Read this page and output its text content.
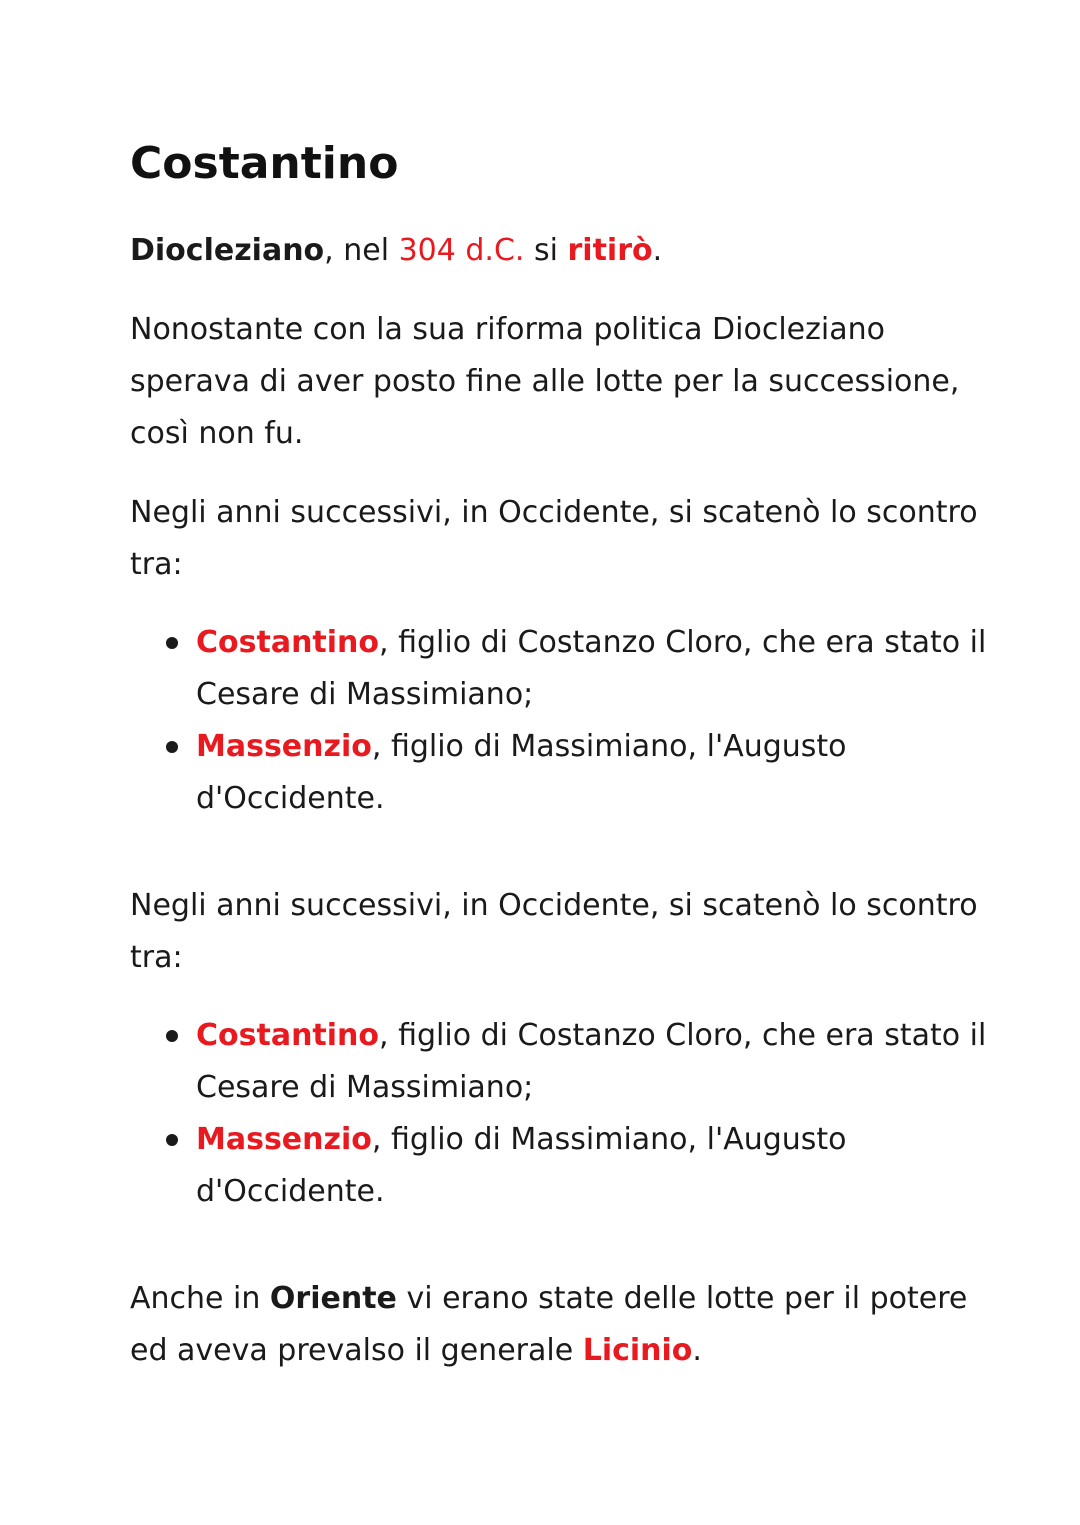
Costantino

Diocleziano, nel 304 d.C. si ritirò.

Nonostante con la sua riforma politica Diocleziano sperava di aver posto fine alle lotte per la successione, così non fu.

Negli anni successivi, in Occidente, si scatenò lo scontro tra:

Costantino, figlio di Costanzo Cloro, che era stato il Cesare di Massimiano;
Massenzio, figlio di Massimiano, l'Augusto d'Occidente.

Negli anni successivi, in Occidente, si scatenò lo scontro tra:

Costantino, figlio di Costanzo Cloro, che era stato il Cesare di Massimiano;
Massenzio, figlio di Massimiano, l'Augusto d'Occidente.

Anche in Oriente vi erano state delle lotte per il potere ed aveva prevalso il generale Licinio.
